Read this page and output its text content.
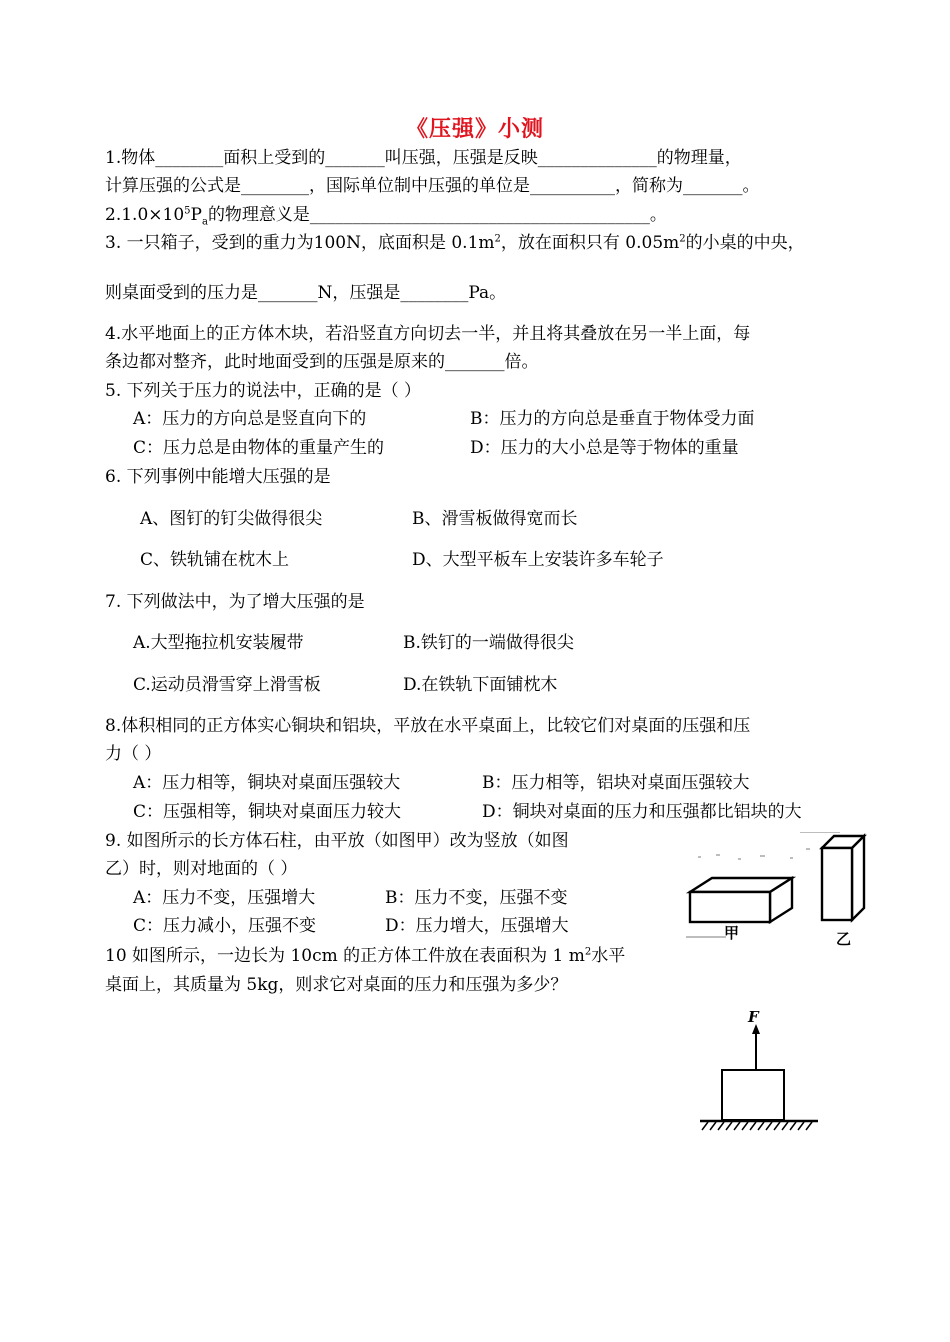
《压强》小测
1.物体________面积上受到的_______叫压强，压强是反映______________的物理量，
计算压强的公式是________，国际单位制中压强的单位是__________，简称为_______。
$2.1.0\times 10^5P_a$的物理意义是________________________________________。
3. 一只箱子，受到的重力为100N，底面积是 $0.1m^2$，放在面积只有 $0.05m^2$的小桌的中央，
则桌面受到的压力是_______N，压强是________Pa。
4.水平地面上的正方体木块，若沿竖直方向切去一半，并且将其叠放在另一半上面，每
条边都对整齐，此时地面受到的压强是原来的_______倍。
5. 下列关于压力的说法中，正确的是（ ）
A：压力的方向总是竖直向下的	B：压力的方向总是垂直于物体受力面
C：压力总是由物体的重量产生的	D：压力的大小总是等于物体的重量
6. 下列事例中能增大压强的是
A、图钉的钉尖做得很尖	B、滑雪板做得宽而长
C、铁轨铺在枕木上	D、大型平板车上安装许多车轮子
7. 下列做法中，为了增大压强的是
A.大型拖拉机安装履带	B.铁钉的一端做得很尖
C.运动员滑雪穿上滑雪板	D.在铁轨下面铺枕木
8.体积相同的正方体实心铜块和铝块，平放在水平桌面上，比较它们对桌面的压强和压
力（ ）
A：压力相等，铜块对桌面压强较大	B：压力相等，铝块对桌面压强较大
C：压强相等，铜块对桌面压力较大	D：铜块对桌面的压力和压强都比铝块的大
9. 如图所示的长方体石柱，由平放（如图甲）改为竖放（如图
乙）时，则对地面的（ ）
A：压力不变，压强增大	B：压力不变，压强不变
C：压力减小，压强不变	D：压力增大，压强增大	甲	乙
10 如图所示，一边长为 10cm 的正方体工件放在表面积为 1 $m^2$水平
桌面上，其质量为 5kg，则求它对桌面的压力和压强为多少？
F
